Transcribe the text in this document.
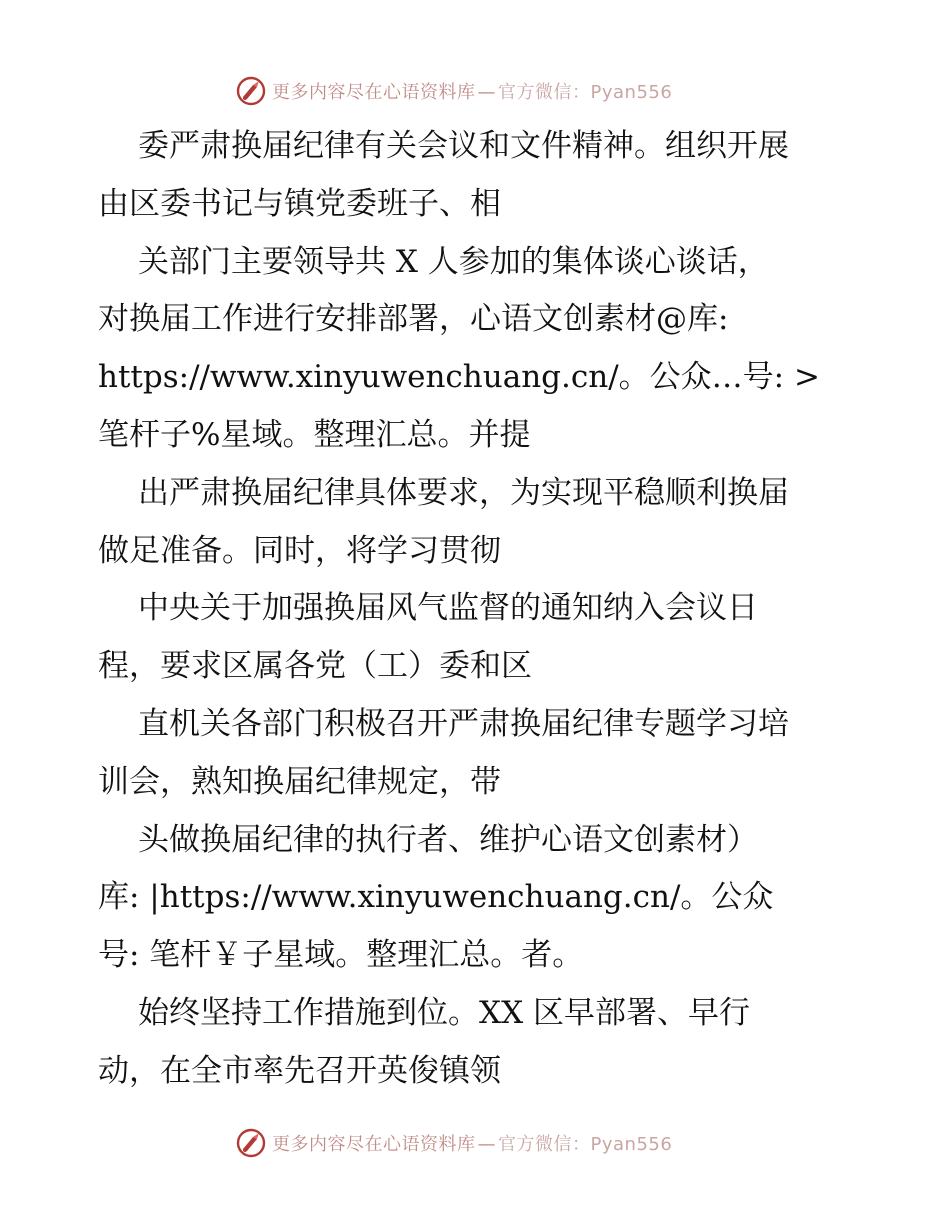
更多内容尽在心语资料库 — 官方微信：Pyan556

委严肃换届纪律有关会议和文件精神。组织开展

由区委书记与镇党委班子、相

关部门主要领导共 X 人参加的集体谈心谈话，

对换届工作进行安排部署，心语文创素材@库:

https://www.xinyuwenchuang.cn/。公众…号: >

笔杆子%星域。整理汇总。并提

出严肃换届纪律具体要求，为实现平稳顺利换届

做足准备。同时，将学习贯彻

中央关于加强换届风气监督的通知纳入会议日

程，要求区属各党（工）委和区

直机关各部门积极召开严肃换届纪律专题学习培

训会，熟知换届纪律规定，带

头做换届纪律的执行者、维护心语文创素材）

库: |https://www.xinyuwenchuang.cn/。公众

号: 笔杆￥子星域。整理汇总。者。

始终坚持工作措施到位。XX 区早部署、早行

动，在全市率先召开英俊镇领

更多内容尽在心语资料库 — 官方微信：Pyan556
